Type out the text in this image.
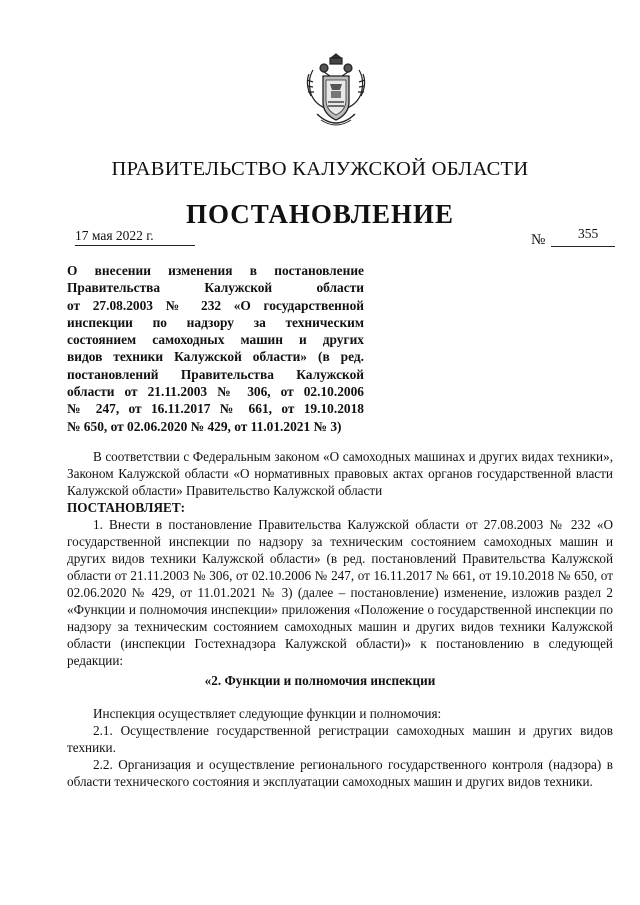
ПРАВИТЕЛЬСТВО КАЛУЖСКОЙ ОБЛАСТИ
ПОСТАНОВЛЕНИЕ
17 мая 2022 г.	№ 355
О внесении изменения в постановление
Правительства Калужской области
от 27.08.2003 № 232 «О государственной
инспекции по надзору за техническим
состоянием самоходных машин и других
видов техники Калужской области» (в ред.
постановлений Правительства Калужской
области от 21.11.2003 № 306, от 02.10.2006
№ 247, от 16.11.2017 № 661, от 19.10.2018
№ 650, от 02.06.2020 № 429, от 11.01.2021 № 3)
В соответствии с Федеральным законом «О самоходных машинах и других видах техники», Законом Калужской области «О нормативных правовых актах органов государственной власти Калужской области» Правительство Калужской области
ПОСТАНОВЛЯЕТ:
1. Внести в постановление Правительства Калужской области от 27.08.2003 № 232 «О государственной инспекции по надзору за техническим состоянием самоходных машин и других видов техники Калужской области» (в ред. постановлений Правительства Калужской области от 21.11.2003 № 306, от 02.10.2006 № 247, от 16.11.2017 № 661, от 19.10.2018 № 650, от 02.06.2020 № 429, от 11.01.2021 № 3) (далее – постановление) изменение, изложив раздел 2 «Функции и полномочия инспекции» приложения «Положение о государственной инспекции по надзору за техническим состоянием самоходных машин и других видов техники Калужской области (инспекции Гостехнадзора Калужской области)» к постановлению в следующей редакции:
«2. Функции и полномочия инспекции
Инспекция осуществляет следующие функции и полномочия:
2.1. Осуществление государственной регистрации самоходных машин и других видов техники.
2.2. Организация и осуществление регионального государственного контроля (надзора) в области технического состояния и эксплуатации самоходных машин и других видов техники.
